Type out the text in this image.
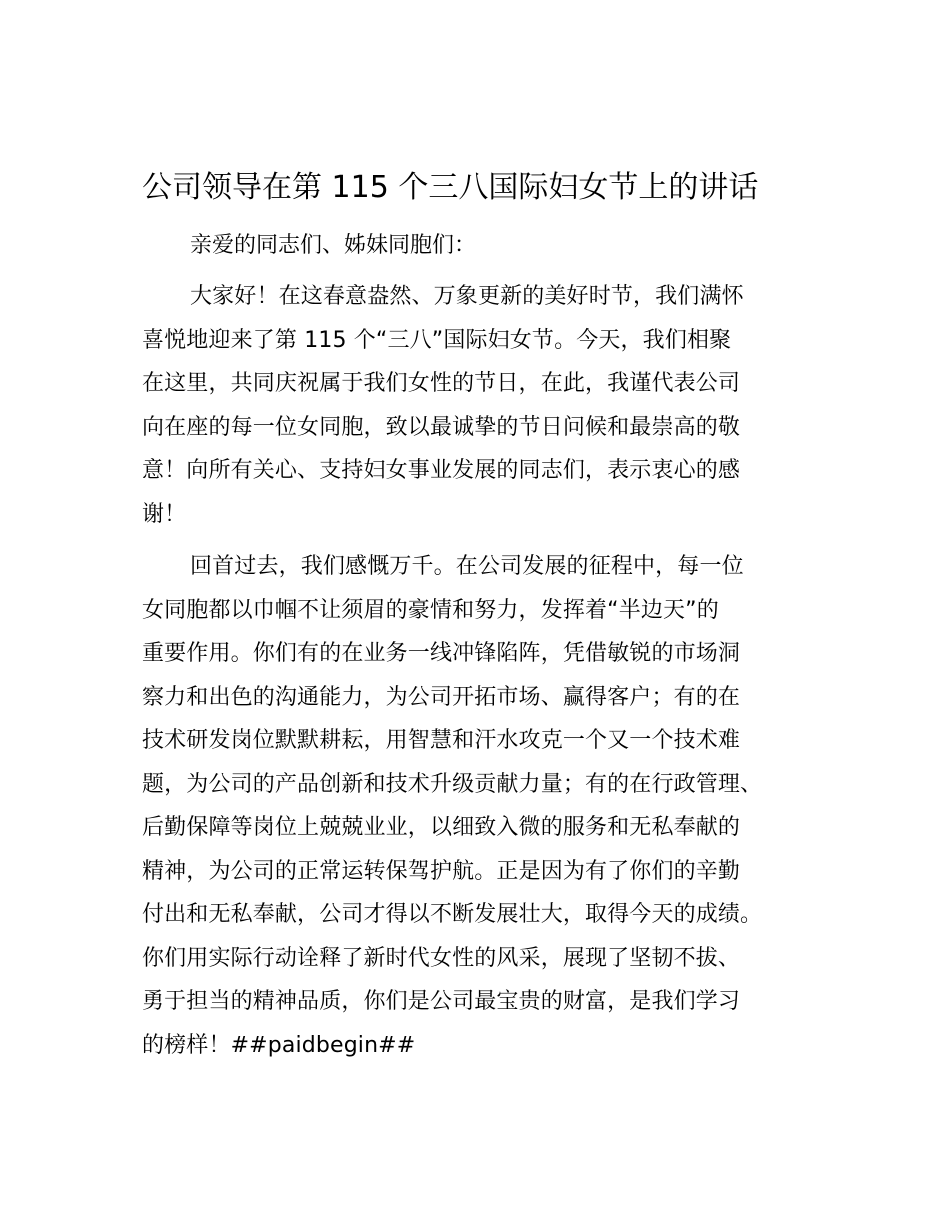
公司领导在第 115 个三八国际妇女节上的讲话

亲爱的同志们、姊妹同胞们：

大家好！在这春意盎然、万象更新的美好时节，我们满怀
喜悦地迎来了第 115 个“三八”国际妇女节。今天，我们相聚
在这里，共同庆祝属于我们女性的节日，在此，我谨代表公司
向在座的每一位女同胞，致以最诚挚的节日问候和最崇高的敬
意！向所有关心、支持妇女事业发展的同志们，表示衷心的感
谢！
回首过去，我们感慨万千。在公司发展的征程中，每一位
女同胞都以巾帼不让须眉的豪情和努力，发挥着“半边天”的
重要作用。你们有的在业务一线冲锋陷阵，凭借敏锐的市场洞
察力和出色的沟通能力，为公司开拓市场、赢得客户；有的在
技术研发岗位默默耕耘，用智慧和汗水攻克一个又一个技术难
题，为公司的产品创新和技术升级贡献力量；有的在行政管理、
后勤保障等岗位上兢兢业业，以细致入微的服务和无私奉献的
精神，为公司的正常运转保驾护航。正是因为有了你们的辛勤
付出和无私奉献，公司才得以不断发展壮大，取得今天的成绩。
你们用实际行动诠释了新时代女性的风采，展现了坚韧不拔、
勇于担当的精神品质，你们是公司最宝贵的财富，是我们学习
的榜样！##paidbegin##
